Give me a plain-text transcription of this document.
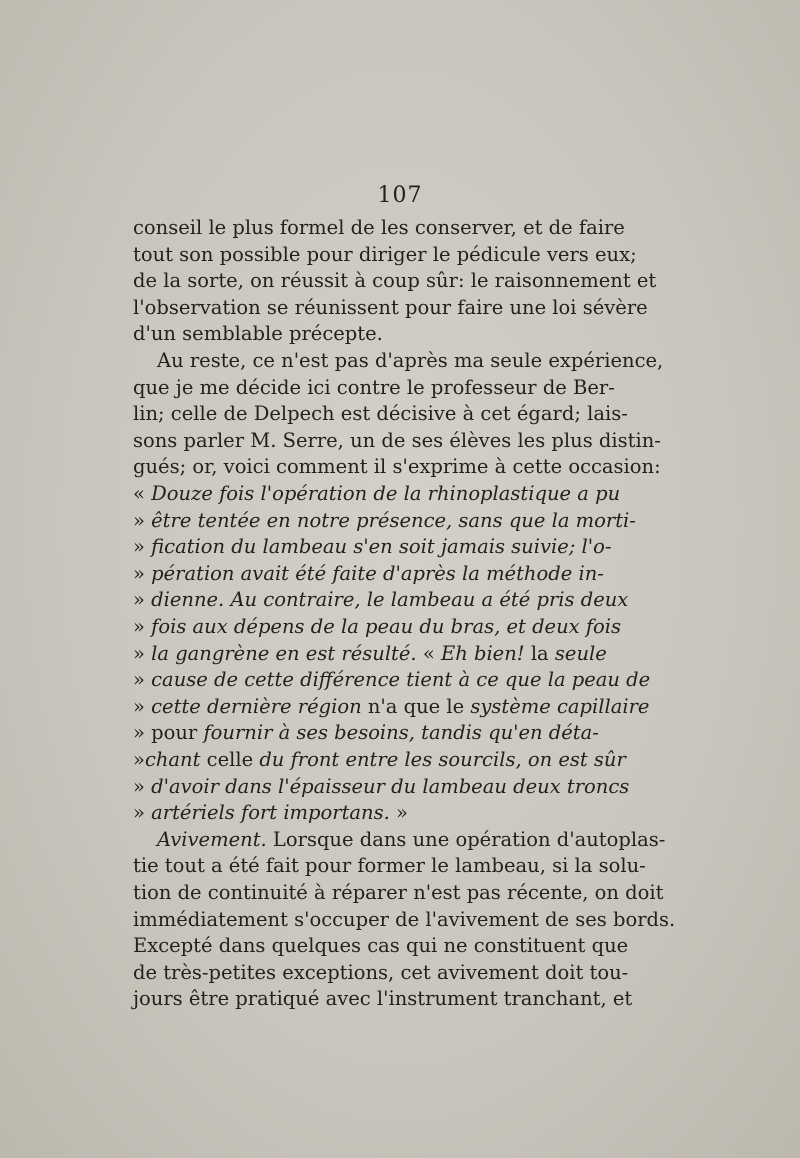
107
conseil le plus formel de les conserver, et de faire
tout son possible pour diriger le pédicule vers eux;
de la sorte, on réussit à coup sûr: le raisonnement et
l'observation se réunissent pour faire une loi sévère
d'un semblable précepte.
Au reste, ce n'est pas d'après ma seule expérience,
que je me décide ici contre le professeur de Ber-
lin; celle de Delpech est décisive à cet égard; lais-
sons parler M. Serre, un de ses élèves les plus distin-
gués; or, voici comment il s'exprime à cette occasion:
« Douze fois l'opération de la rhinoplastique a pu
» être tentée en notre présence, sans que la morti-
» fication du lambeau s'en soit jamais suivie; l'o-
» pération avait été faite d'après la méthode in-
» dienne. Au contraire, le lambeau a été pris deux
» fois aux dépens de la peau du bras, et deux fois
» la gangrène en est résulté. « Eh bien! la seule
» cause de cette différence tient à ce que la peau de
» cette dernière région n'a que le système capillaire
» pour fournir à ses besoins, tandis qu'en déta-
»chant celle du front entre les sourcils, on est sûr
» d'avoir dans l'épaisseur du lambeau deux troncs
» artériels fort importans. »
Avivement. Lorsque dans une opération d'autoplas-
tie tout a été fait pour former le lambeau, si la solu-
tion de continuité à réparer n'est pas récente, on doit
immédiatement s'occuper de l'avivement de ses bords.
Excepté dans quelques cas qui ne constituent que
de très-petites exceptions, cet avivement doit tou-
jours être pratiqué avec l'instrument tranchant, et
